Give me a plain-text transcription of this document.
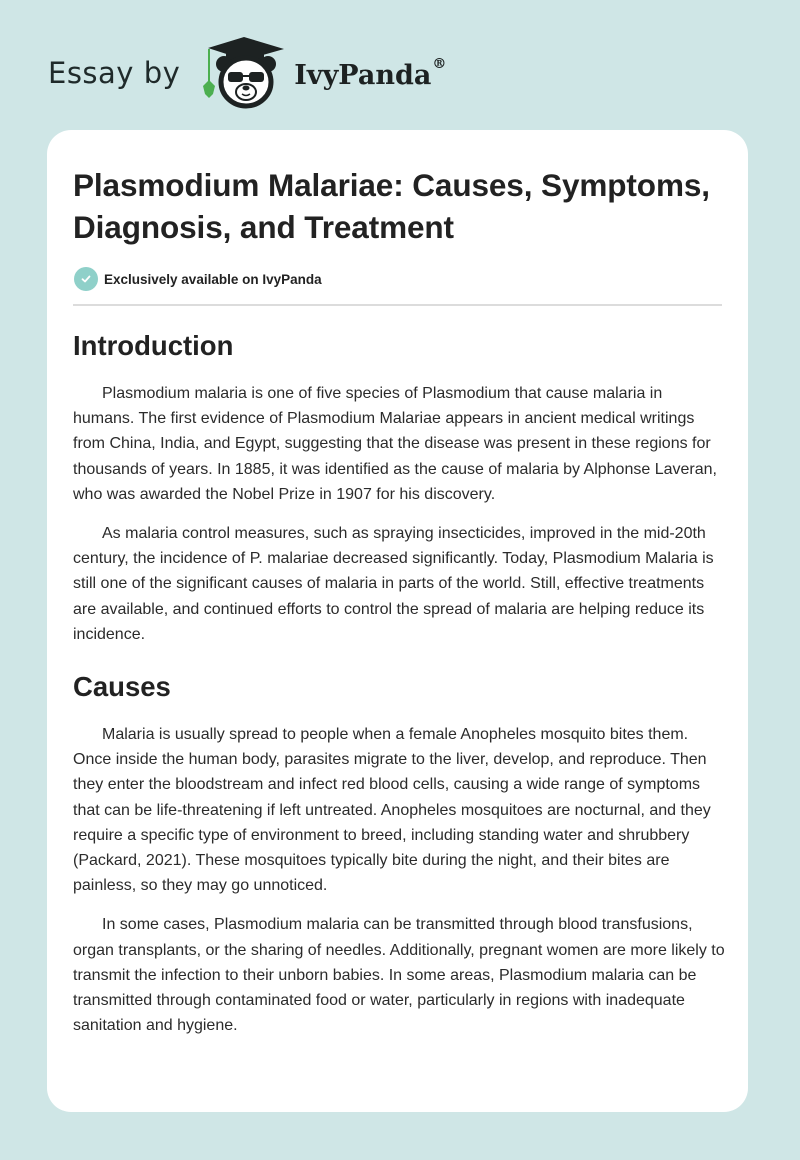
Essay by	IvyPanda®
Plasmodium Malariae: Causes, Symptoms, Diagnosis, and Treatment
Exclusively available on IvyPanda
Introduction

Plasmodium malaria is one of five species of Plasmodium that cause malaria in humans. The first evidence of Plasmodium Malariae appears in ancient medical writings from China, India, and Egypt, suggesting that the disease was present in these regions for thousands of years. In 1885, it was identified as the cause of malaria by Alphonse Laveran, who was awarded the Nobel Prize in 1907 for his discovery.

As malaria control measures, such as spraying insecticides, improved in the mid-20th century, the incidence of P. malariae decreased significantly. Today, Plasmodium Malaria is still one of the significant causes of malaria in parts of the world. Still, effective treatments are available, and continued efforts to control the spread of malaria are helping reduce its incidence.

Causes

Malaria is usually spread to people when a female Anopheles mosquito bites them. Once inside the human body, parasites migrate to the liver, develop, and reproduce. Then they enter the bloodstream and infect red blood cells, causing a wide range of symptoms that can be life-threatening if left untreated. Anopheles mosquitoes are nocturnal, and they require a specific type of environment to breed, including standing water and shrubbery (Packard, 2021). These mosquitoes typically bite during the night, and their bites are painless, so they may go unnoticed.

In some cases, Plasmodium malaria can be transmitted through blood transfusions, organ transplants, or the sharing of needles. Additionally, pregnant women are more likely to transmit the infection to their unborn babies. In some areas, Plasmodium malaria can be transmitted through contaminated food or water, particularly in regions with inadequate sanitation and hygiene.
